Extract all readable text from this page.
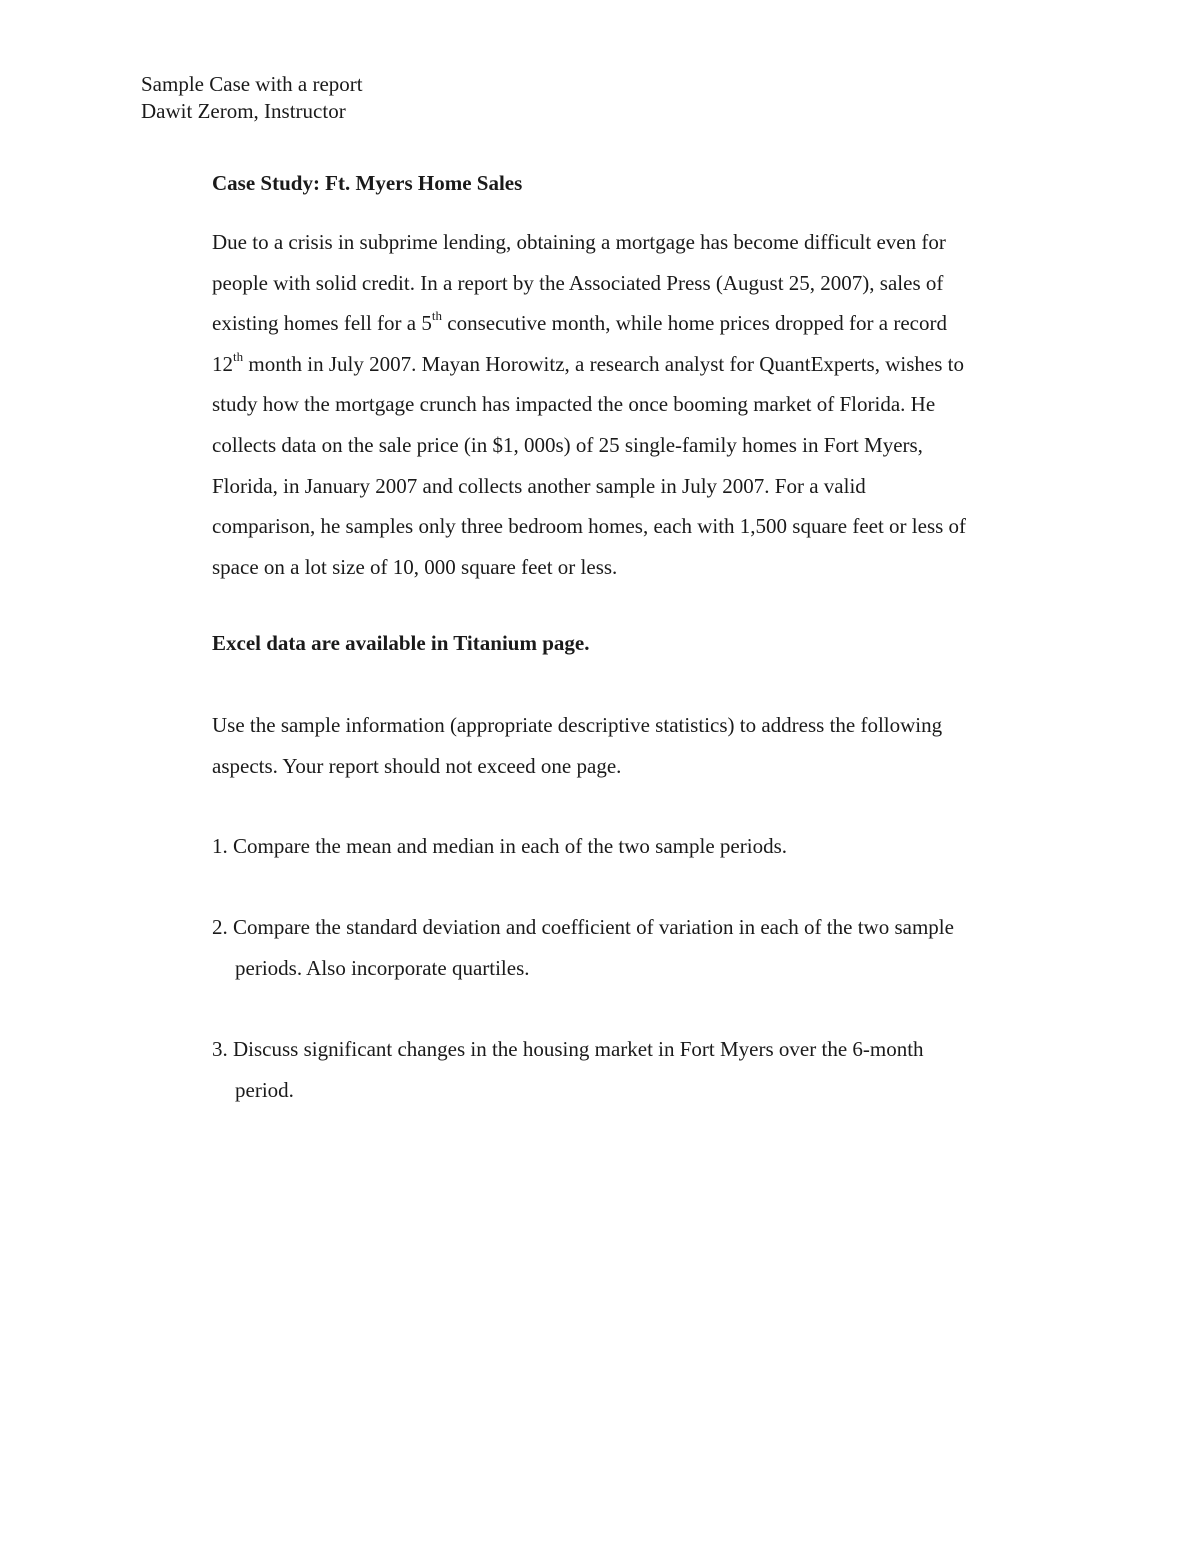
Sample Case with a report
Dawit Zerom, Instructor
Case Study: Ft. Myers Home Sales
Due to a crisis in subprime lending, obtaining a mortgage has become difficult even for
people with solid credit. In a report by the Associated Press (August 25, 2007), sales of
existing homes fell for a 5th consecutive month, while home prices dropped for a record
12th month in July 2007. Mayan Horowitz, a research analyst for QuantExperts, wishes to
study how the mortgage crunch has impacted the once booming market of Florida. He
collects data on the sale price (in $1, 000s) of 25 single-family homes in Fort Myers,
Florida, in January 2007 and collects another sample in July 2007. For a valid
comparison, he samples only three bedroom homes, each with 1,500 square feet or less of
space on a lot size of 10, 000 square feet or less.
Excel data are available in Titanium page.
Use the sample information (appropriate descriptive statistics) to address the following
aspects. Your report should not exceed one page.
1. Compare the mean and median in each of the two sample periods.
2. Compare the standard deviation and coefficient of variation in each of the two sample
periods. Also incorporate quartiles.
3. Discuss significant changes in the housing market in Fort Myers over the 6-month
period.
